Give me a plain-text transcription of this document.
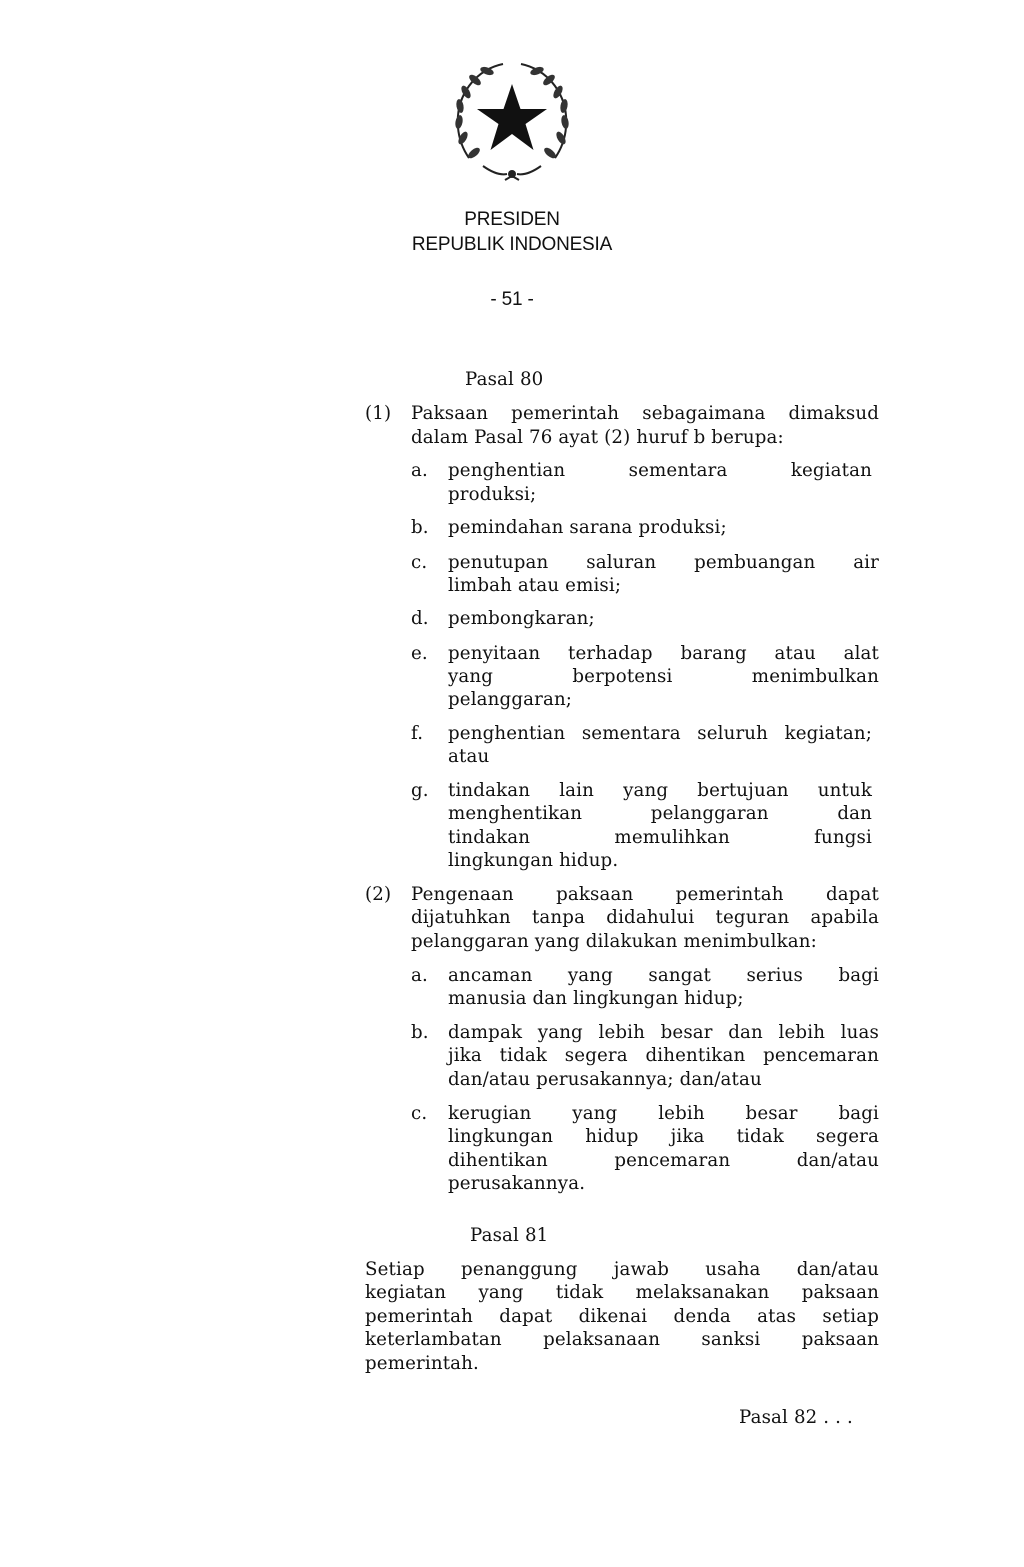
PRESIDEN
REPUBLIK INDONESIA
- 51 -
Pasal 80
(1) Paksaan pemerintah sebagaimana dimaksud
dalam Pasal 76 ayat (2) huruf b berupa:
a. penghentian sementara kegiatan
produksi;
b. pemindahan sarana produksi;
c. penutupan saluran pembuangan air
limbah atau emisi;
d. pembongkaran;
e. penyitaan terhadap barang atau alat
yang berpotensi menimbulkan
pelanggaran;
f. penghentian sementara seluruh kegiatan;
atau
g. tindakan lain yang bertujuan untuk
menghentikan pelanggaran dan
tindakan memulihkan fungsi
lingkungan hidup.
(2) Pengenaan paksaan pemerintah dapat
dijatuhkan tanpa didahului teguran apabila
pelanggaran yang dilakukan menimbulkan:
a. ancaman yang sangat serius bagi
manusia dan lingkungan hidup;
b. dampak yang lebih besar dan lebih luas
jika tidak segera dihentikan pencemaran
dan/atau perusakannya; dan/atau
c. kerugian yang lebih besar bagi
lingkungan hidup jika tidak segera
dihentikan pencemaran dan/atau
perusakannya.
Pasal 81
Setiap penanggung jawab usaha dan/atau
kegiatan yang tidak melaksanakan paksaan
pemerintah dapat dikenai denda atas setiap
keterlambatan pelaksanaan sanksi paksaan
pemerintah.
Pasal 82 . . .
